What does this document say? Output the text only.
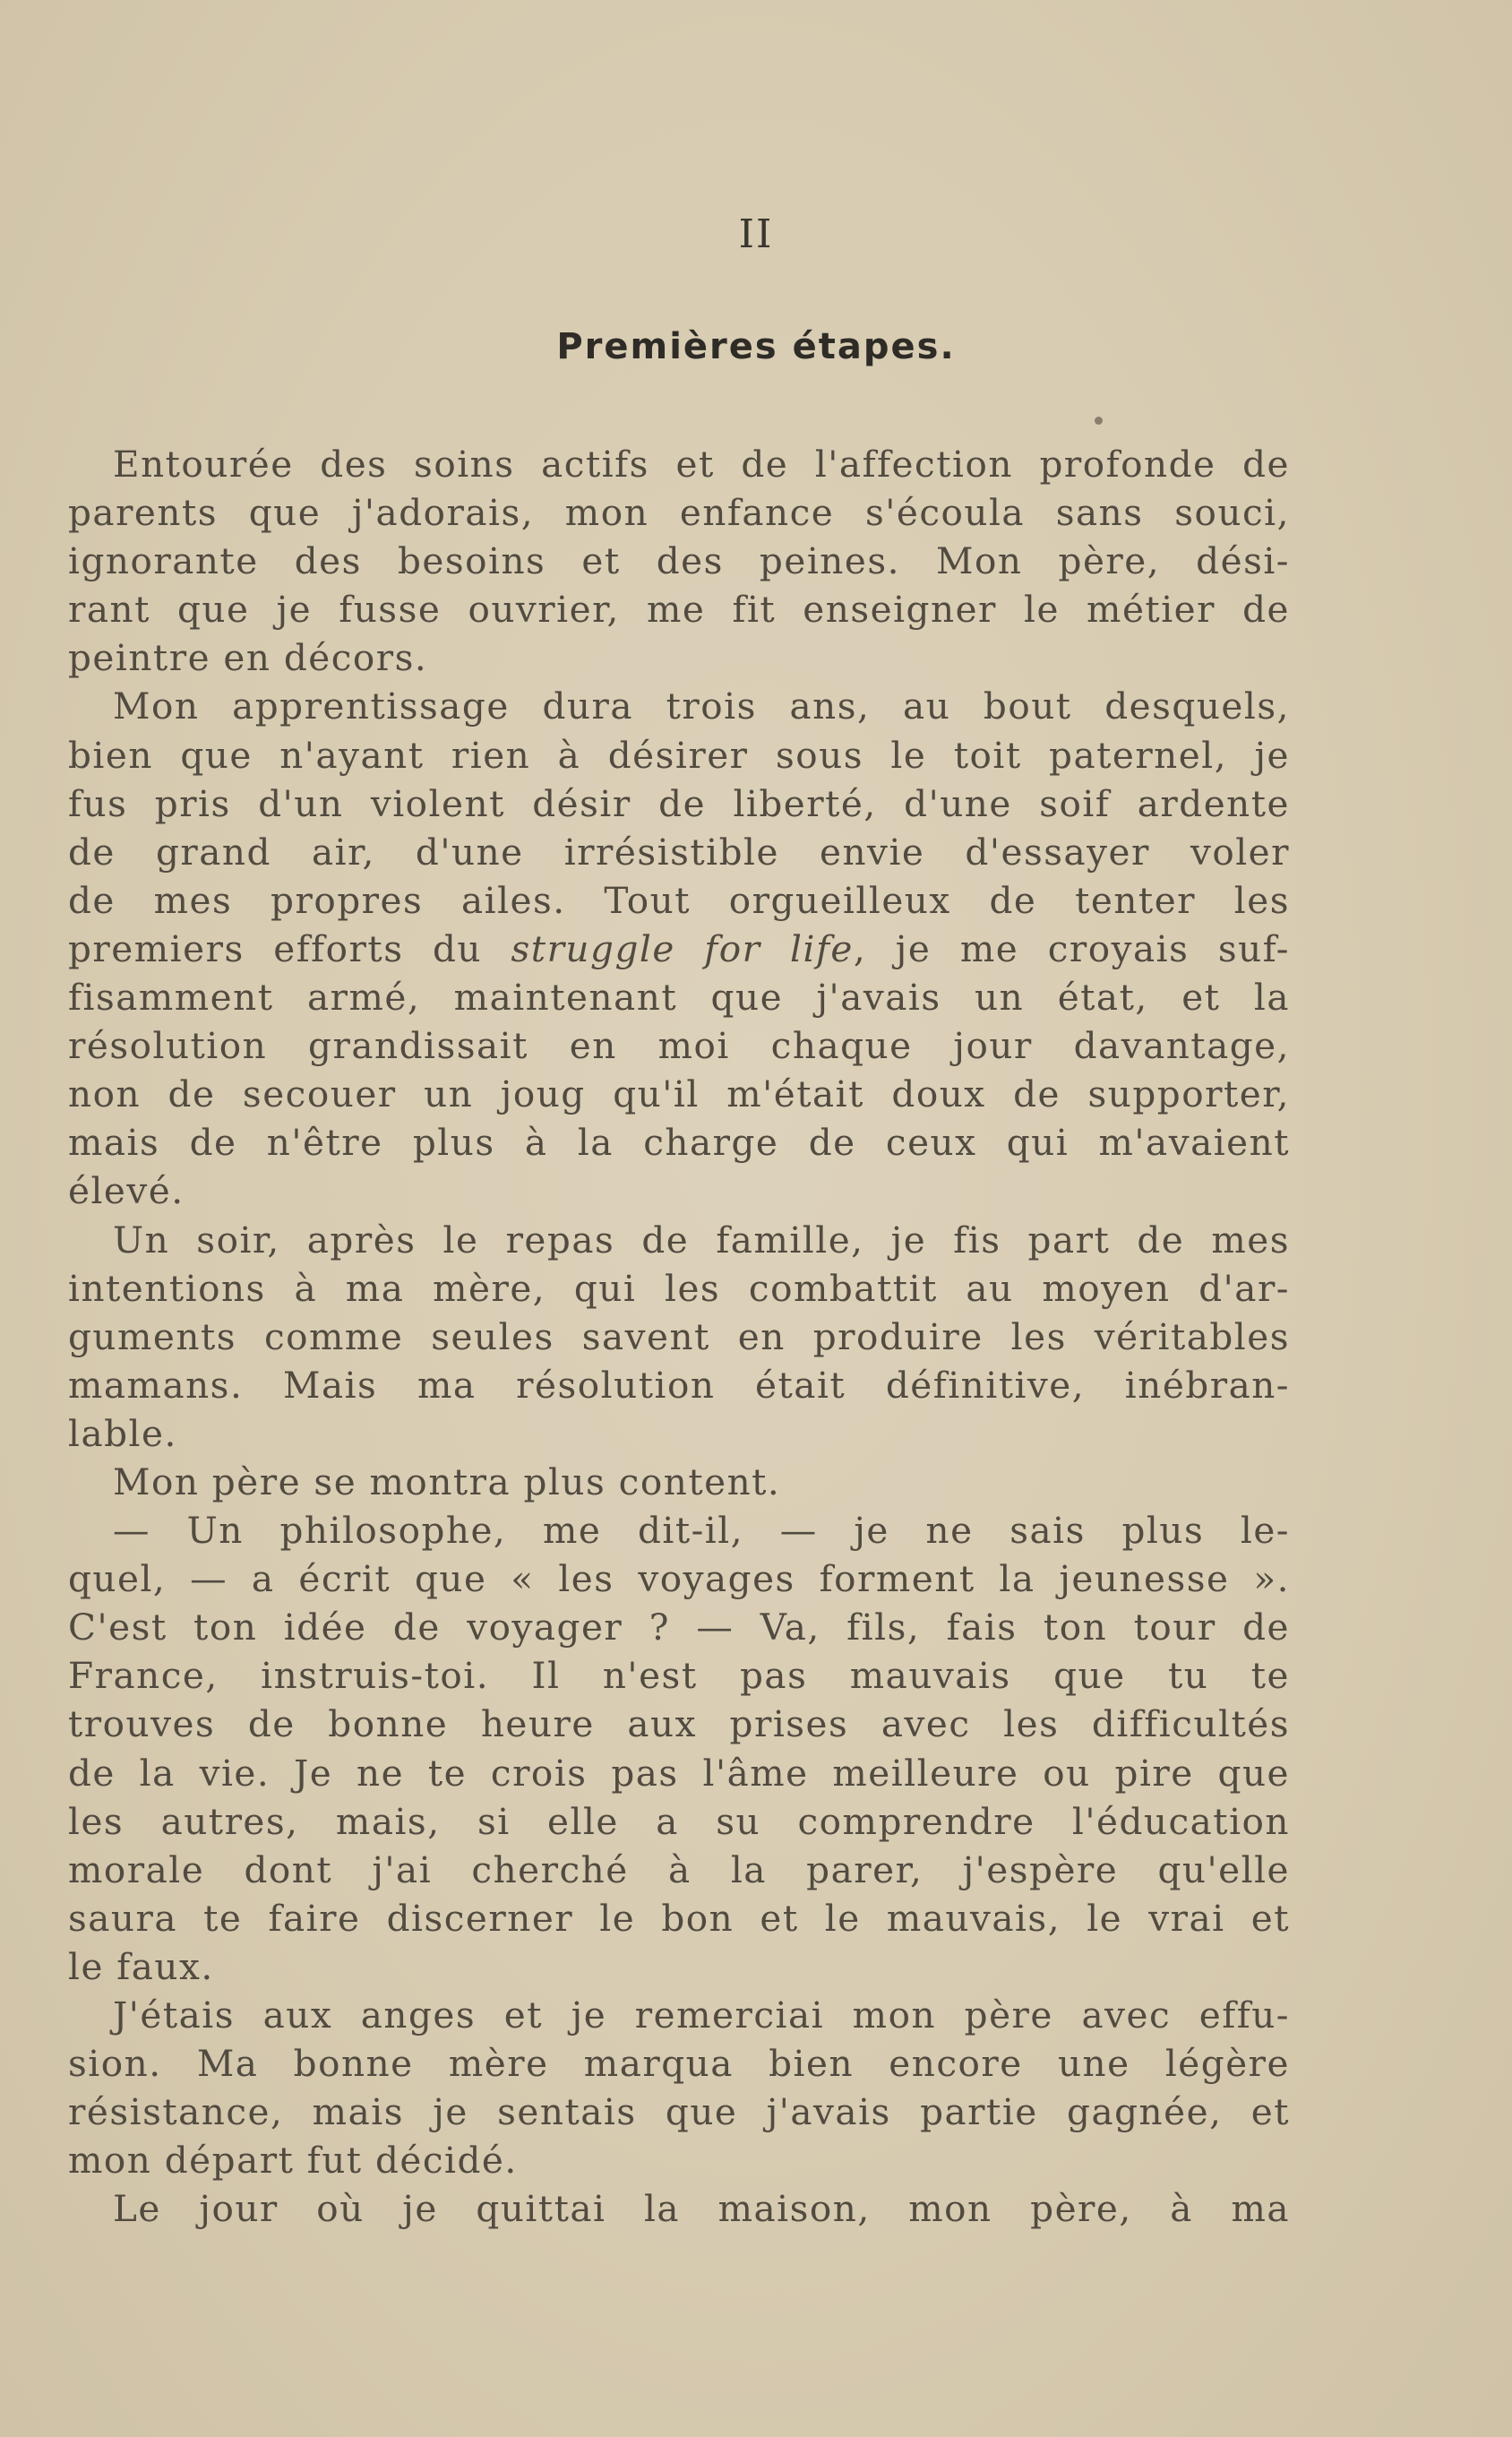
II
Premières étapes.
Entourée des soins actifs et de l'affection profonde de
parents que j'adorais, mon enfance s'écoula sans souci,
ignorante des besoins et des peines. Mon père, dési-
rant que je fusse ouvrier, me fit enseigner le métier de
peintre en décors.
Mon apprentissage dura trois ans, au bout desquels,
bien que n'ayant rien à désirer sous le toit paternel, je
fus pris d'un violent désir de liberté, d'une soif ardente
de grand air, d'une irrésistible envie d'essayer voler
de mes propres ailes. Tout orgueilleux de tenter les
premiers efforts du struggle for life, je me croyais suf-
fisamment armé, maintenant que j'avais un état, et la
résolution grandissait en moi chaque jour davantage,
non de secouer un joug qu'il m'était doux de supporter,
mais de n'être plus à la charge de ceux qui m'avaient
élevé.
Un soir, après le repas de famille, je fis part de mes
intentions à ma mère, qui les combattit au moyen d'ar-
guments comme seules savent en produire les véritables
mamans. Mais ma résolution était définitive, inébran-
lable.
Mon père se montra plus content.
— Un philosophe, me dit-il, — je ne sais plus le-
quel, — a écrit que « les voyages forment la jeunesse ».
C'est ton idée de voyager ? — Va, fils, fais ton tour de
France, instruis-toi. Il n'est pas mauvais que tu te
trouves de bonne heure aux prises avec les difficultés
de la vie. Je ne te crois pas l'âme meilleure ou pire que
les autres, mais, si elle a su comprendre l'éducation
morale dont j'ai cherché à la parer, j'espère qu'elle
saura te faire discerner le bon et le mauvais, le vrai et
le faux.
J'étais aux anges et je remerciai mon père avec effu-
sion. Ma bonne mère marqua bien encore une légère
résistance, mais je sentais que j'avais partie gagnée, et
mon départ fut décidé.
Le jour où je quittai la maison, mon père, à ma
